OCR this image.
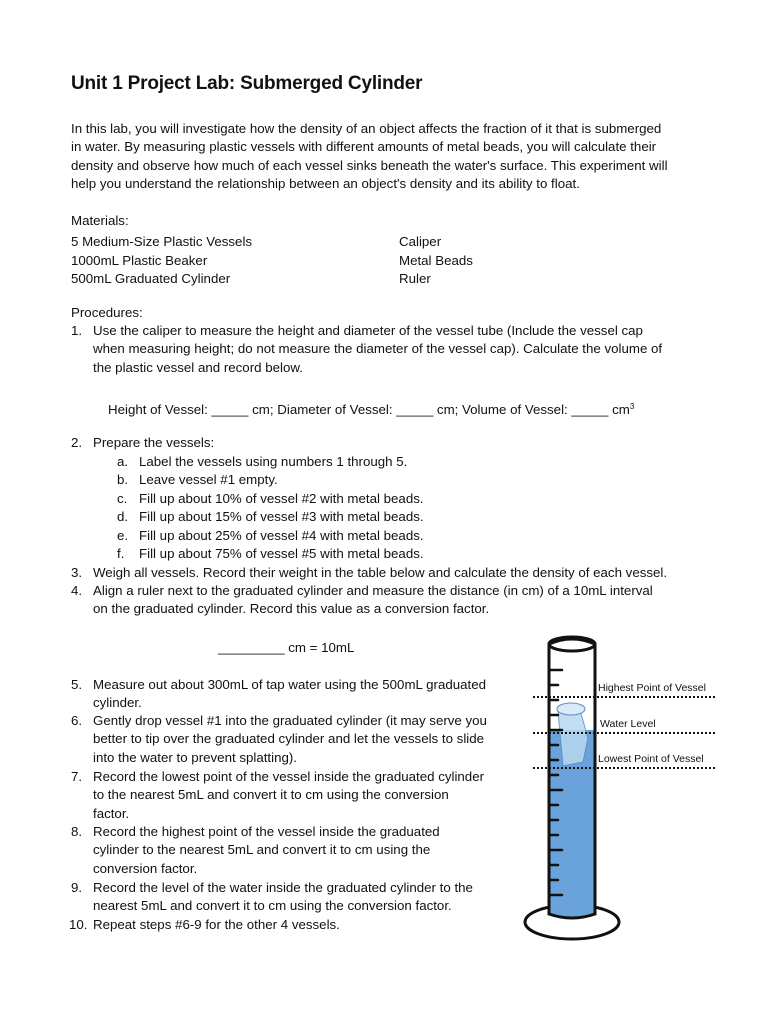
Unit 1 Project Lab: Submerged Cylinder
In this lab, you will investigate how the density of an object affects the fraction of it that is submerged
in water. By measuring plastic vessels with different amounts of metal beads, you will calculate their
density and observe how much of each vessel sinks beneath the water's surface. This experiment will
help you understand the relationship between an object's density and its ability to float.
Materials:
5 Medium-Size Plastic Vessels
1000mL Plastic Beaker
500mL Graduated Cylinder
Caliper
Metal Beads
Ruler
Procedures:
1. Use the caliper to measure the height and diameter of the vessel tube (Include the vessel cap
when measuring height; do not measure the diameter of the vessel cap). Calculate the volume of
the plastic vessel and record below.
Height of Vessel: _____ cm; Diameter of Vessel: _____ cm; Volume of Vessel: _____ $cm^3$
2. Prepare the vessels:
a. Label the vessels using numbers 1 through 5.
b. Leave vessel #1 empty.
c. Fill up about 10% of vessel #2 with metal beads.
d. Fill up about 15% of vessel #3 with metal beads.
e. Fill up about 25% of vessel #4 with metal beads.
f.	Fill up about 75% of vessel #5 with metal beads.
3. Weigh all vessels. Record their weight in the table below and calculate the density of each vessel.
4. Align a ruler next to the graduated cylinder and measure the distance (in cm) of a 10mL interval
on the graduated cylinder. Record this value as a conversion factor.
_________ cm = 10mL
5. Measure out about 300mL of tap water using the 500mL graduated
cylinder.
6. Gently drop vessel #1 into the graduated cylinder (it may serve you
better to tip over the graduated cylinder and let the vessels to slide
into the water to prevent splatting).
7. Record the lowest point of the vessel inside the graduated cylinder
to the nearest 5mL and convert it to cm using the conversion
factor.
8. Record the highest point of the vessel inside the graduated
cylinder to the nearest 5mL and convert it to cm using the
conversion factor.
9. Record the level of the water inside the graduated cylinder to the
nearest 5mL and convert it to cm using the conversion factor.
10. Repeat steps #6-9 for the other 4 vessels.
Highest Point of Vessel
Water Level
Lowest Point of Vessel
